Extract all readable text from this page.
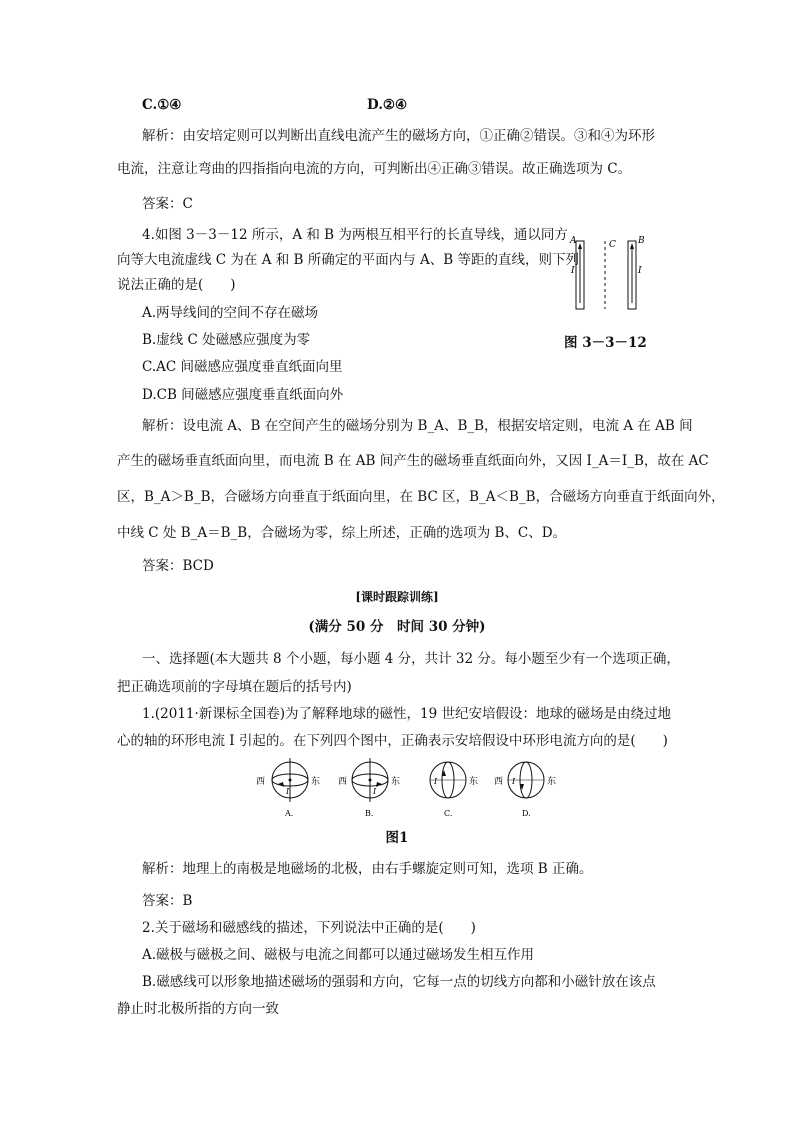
C.①④	D.②④
解析：由安培定则可以判断出直线电流产生的磁场方向，①正确②错误。③和④为环形
电流，注意让弯曲的四指指向电流的方向，可判断出④正确③错误。故正确选项为 C。
答案：C
4.如图 3－3－12 所示，A 和 B 为两根互相平行的长直导线，通以同方
向等大电流虚线 C 为在 A 和 B 所确定的平面内与 A、B 等距的直线，则下列
说法正确的是(　　)
A.两导线间的空间不存在磁场
B.虚线 C 处磁感应强度为零
C.AC 间磁感应强度垂直纸面向里
D.CB 间磁感应强度垂直纸面向外
A	C B
I	I
图 3－3－12
解析：设电流 A、B 在空间产生的磁场分别为 B_A、B_B，根据安培定则，电流 A 在 AB 间
产生的磁场垂直纸面向里，而电流 B 在 AB 间产生的磁场垂直纸面向外，又因 I_A＝I_B，故在 AC
区，B_A＞B_B，合磁场方向垂直于纸面向里，在 BC 区，B_A＜B_B，合磁场方向垂直于纸面向外，
中线 C 处 B_A＝B_B，合磁场为零，综上所述，正确的选项为 B、C、D。
答案：BCD
[课时跟踪训练]
(满分 50 分　时间 30 分钟)
一、选择题(本大题共 8 个小题，每小题 4 分，共计 32 分。每小题至少有一个选项正确，
把正确选项前的字母填在题后的括号内)
1.(2011·新课标全国卷)为了解释地球的磁性，19 世纪安培假设：地球的磁场是由绕过地
心的轴的环形电流 I 引起的。在下列四个图中，正确表示安培假设中环形电流方向的是(　　)
西
I
东
A.
西
I
东
B.
I	东
C.
西 I	东
D.
图1
解析：地理上的南极是地磁场的北极，由右手螺旋定则可知，选项 B 正确。
答案：B
2.关于磁场和磁感线的描述，下列说法中正确的是(　　)
A.磁极与磁极之间、磁极与电流之间都可以通过磁场发生相互作用
B.磁感线可以形象地描述磁场的强弱和方向，它每一点的切线方向都和小磁针放在该点
静止时北极所指的方向一致
